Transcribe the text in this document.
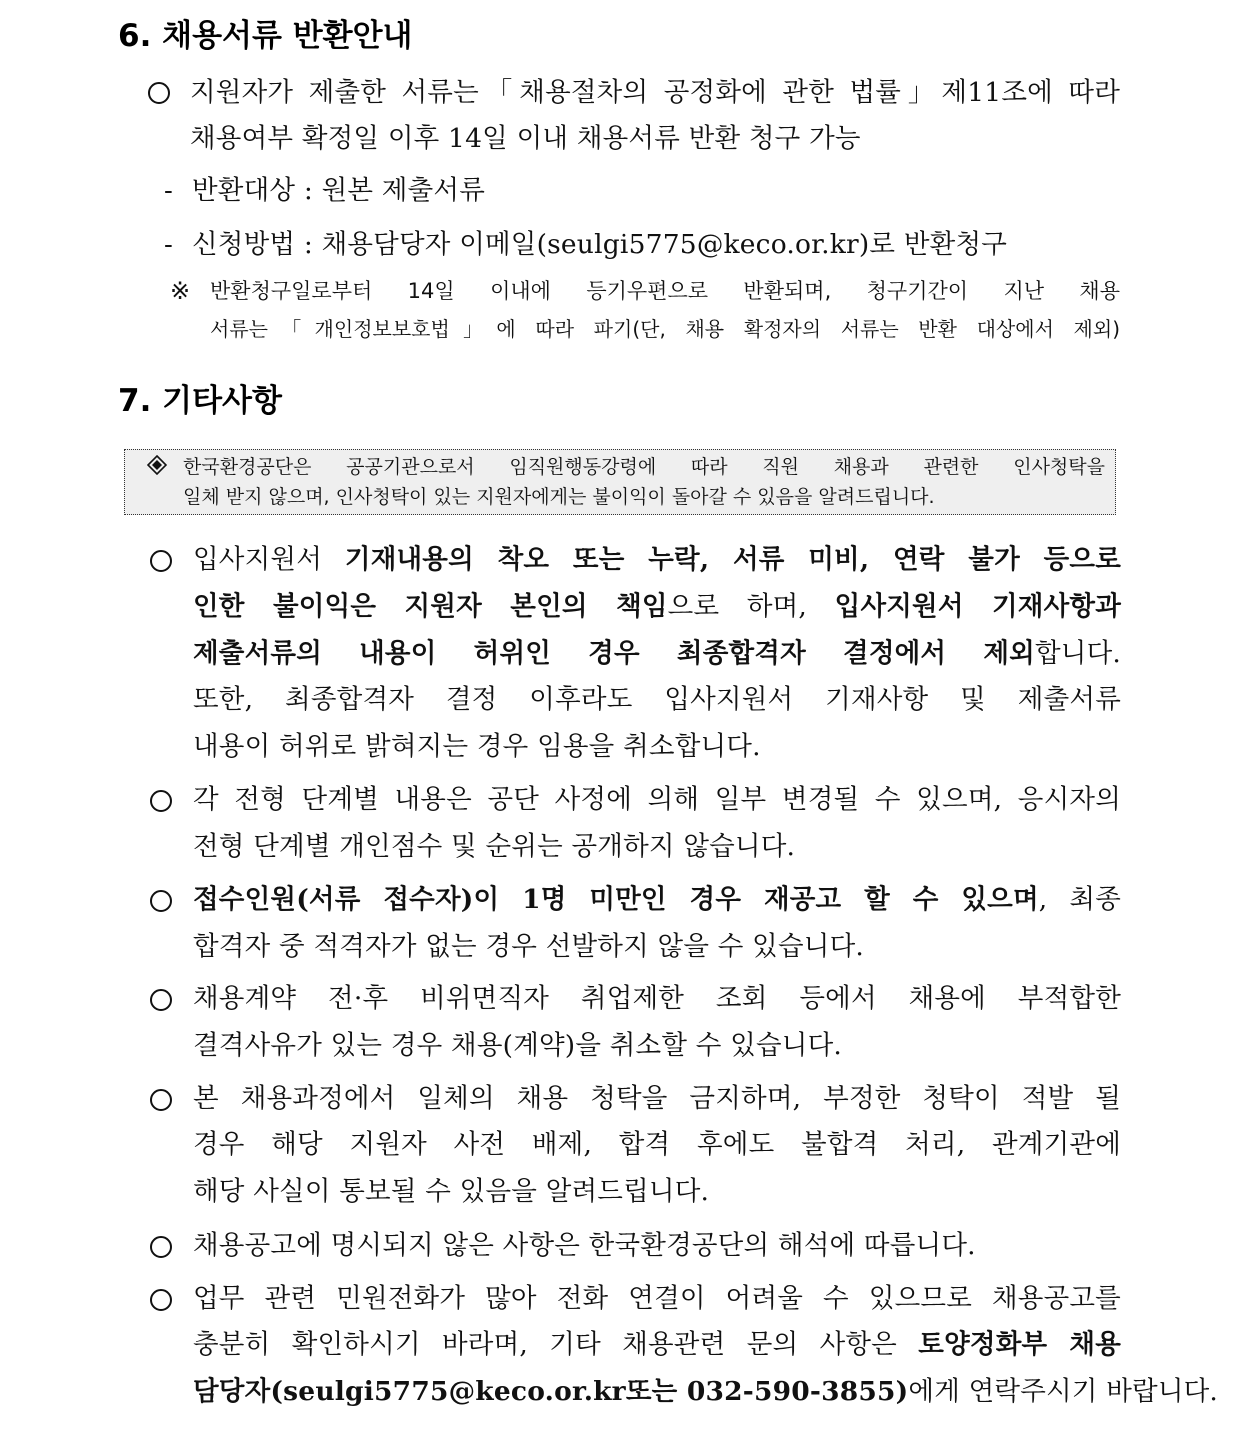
6. 채용서류 반환안내
지원자가 제출한 서류는「채용절차의 공정화에 관한 법률」제11조에 따라
채용여부 확정일 이후 14일 이내 채용서류 반환 청구 가능
- 반환대상 : 원본 제출서류
- 신청방법 : 채용담당자 이메일(seulgi5775@keco.or.kr)로 반환청구
※ 반환청구일로부터 14일 이내에 등기우편으로 반환되며, 청구기간이 지난 채용
서류는「개인정보보호법」에 따라 파기(단, 채용 확정자의 서류는 반환 대상에서 제외)
7. 기타사항
한국환경공단은 공공기관으로서 임직원행동강령에 따라 직원 채용과 관련한 인사청탁을
일체 받지 않으며, 인사청탁이 있는 지원자에게는 불이익이 돌아갈 수 있음을 알려드립니다.
입사지원서 기재내용의 착오 또는 누락, 서류 미비, 연락 불가 등으로
인한 불이익은 지원자 본인의 책임으로 하며, 입사지원서 기재사항과
제출서류의 내용이 허위인 경우 최종합격자 결정에서 제외합니다.
또한, 최종합격자 결정 이후라도 입사지원서 기재사항 및 제출서류
내용이 허위로 밝혀지는 경우 임용을 취소합니다.
각 전형 단계별 내용은 공단 사정에 의해 일부 변경될 수 있으며, 응시자의
전형 단계별 개인점수 및 순위는 공개하지 않습니다.
접수인원(서류 접수자)이 1명 미만인 경우 재공고 할 수 있으며, 최종
합격자 중 적격자가 없는 경우 선발하지 않을 수 있습니다.
채용계약 전·후 비위면직자 취업제한 조회 등에서 채용에 부적합한
결격사유가 있는 경우 채용(계약)을 취소할 수 있습니다.
본 채용과정에서 일체의 채용 청탁을 금지하며, 부정한 청탁이 적발 될
경우 해당 지원자 사전 배제, 합격 후에도 불합격 처리, 관계기관에
해당 사실이 통보될 수 있음을 알려드립니다.
채용공고에 명시되지 않은 사항은 한국환경공단의 해석에 따릅니다.
업무 관련 민원전화가 많아 전화 연결이 어려울 수 있으므로 채용공고를
충분히 확인하시기 바라며, 기타 채용관련 문의 사항은 토양정화부 채용
담당자(seulgi5775@keco.or.kr또는 032-590-3855)에게 연락주시기 바랍니다.
